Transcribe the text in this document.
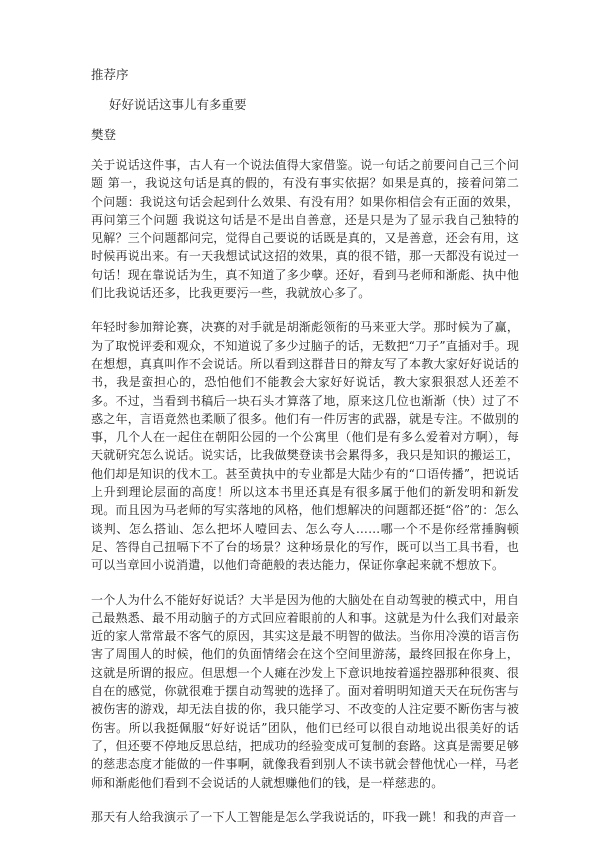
推荐序

好好说话这事儿有多重要

樊登

关于说话这件事，古人有一个说法值得大家借鉴。说一句话之前要问自己三个问题 第一，我说这句话是真的假的，有没有事实依据？如果是真的，接着问第二个问题：我说这句话会起到什么效果、有没有用？如果你相信会有正面的效果，再问第三个问题 我说这句话是不是出自善意，还是只是为了显示我自己独特的见解？三个问题都问完，觉得自己要说的话既是真的，又是善意，还会有用，这时候再说出来。有一天我想试试这招的效果，真的很不错，那一天都没有说过一句话！现在靠说话为生，真不知道了多少孽。还好，看到马老师和渐彪、执中他们比我说话还多，比我更要污一些，我就放心多了。

年轻时参加辩论赛，决赛的对手就是胡渐彪领衔的马来亚大学。那时候为了赢，为了取悦评委和观众，不知道说了多少过脑子的话，无数把“刀子”直插对手。现在想想，真真叫作不会说话。所以看到这群昔日的辩友写了本教大家好好说话的书，我是蛮担心的，恐怕他们不能教会大家好好说话，教大家狠狠怼人还差不多。不过，当看到书稿后一块石头才算落了地，原来这几位也渐渐（快）过了不惑之年，言语竟然也柔顺了很多。他们有一件厉害的武器，就是专注。不做别的事，几个人在一起住在朝阳公园的一个公寓里（他们是有多么爱着对方啊），每天就研究怎么说话。说实话，比我做樊登读书会累得多，我只是知识的搬运工，他们却是知识的伐木工。甚至黄执中的专业都是大陆少有的“口语传播”，把说话上升到理论层面的高度！所以这本书里还真是有很多属于他们的新发明和新发现。而且因为马老师的写实落地的风格，他们想解决的问题都还挺“俗”的：怎么谈判、怎么搭讪、怎么把坏人噎回去、怎么夸人……哪一个不是你经常捶胸顿足、答得自己扭嗝下不了台的场景？这种场景化的写作，既可以当工具书看，也可以当章回小说消遣，以他们奇葩般的表达能力，保证你拿起来就不想放下。

一个人为什么不能好好说话？大半是因为他的大脑处在自动驾驶的模式中，用自己最熟悉、最不用动脑子的方式回应着眼前的人和事。这就是为什么我们对最亲近的家人常常最不客气的原因，其实这是最不明智的做法。当你用冷漠的语言伤害了周围人的时候，他们的负面情绪会在这个空间里游荡，最终回报在你身上，这就是所谓的报应。但思想一个人瘫在沙发上下意识地按着遥控器那种很爽、很自在的感觉，你就很难于摆自动驾驶的选择了。面对着明明知道天天在玩伤害与被伤害的游戏，却无法自拔的你，我只能学习、不改变的人注定要不断伤害与被伤害。所以我挺佩服“好好说话”团队，他们已经可以很自动地说出很美好的话了，但还要不停地反思总结，把成功的经验变成可复制的套路。这真是需要足够的慈悲态度才能做的一件事啊，就像我看到别人不读书就会替他忧心一样，马老师和渐彪他们看到不会说话的人就想赚他们的钱，是一样慈悲的。

那天有人给我演示了一下人工智能是怎么学我说话的，吓我一跳！和我的声音一
